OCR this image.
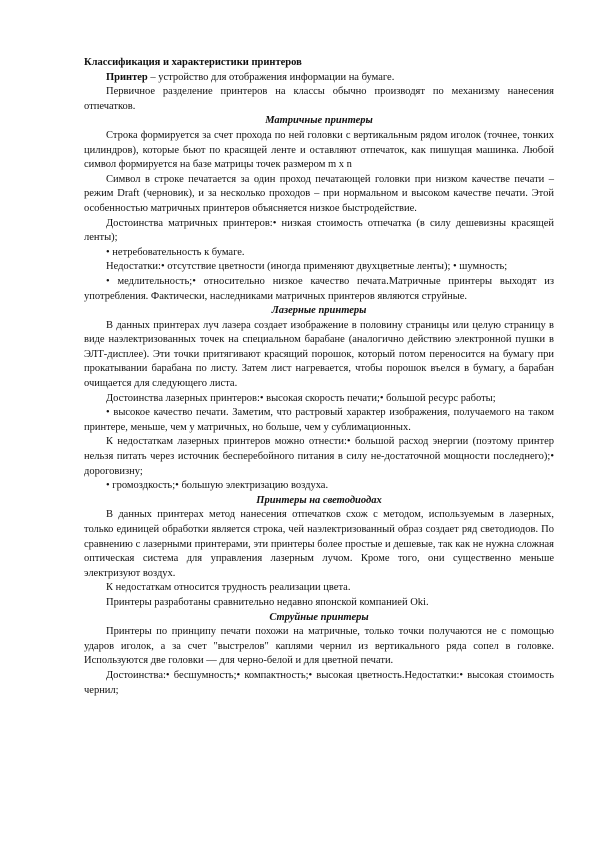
Классификация и характеристики принтеров

Принтер – устройство для отображения информации на бумаге.

Первичное разделение принтеров на классы обычно производят по механизму нанесения отпечатков.

Матричные принтеры

Строка формируется за счет прохода по ней головки с вертикальным рядом иголок (точнее, тонких цилиндров), которые бьют по красящей ленте и оставляют отпечаток, как пишущая машинка. Любой символ формируется на базе матрицы точек размером m x n

Символ в строке печатается за один проход печатающей головки при низком качестве печати – режим Draft (черновик), и за несколько проходов – при нормальном и высоком качестве печати. Этой особенностью матричных принтеров объясняется низкое быстродействие.

Достоинства матричных принтеров:• низкая стоимость отпечатка (в силу дешевизны красящей ленты);

• нетребовательность к бумаге.

Недостатки:• отсутствие цветности (иногда применяют двухцветные ленты); • шумность;

• медлительность;• относительно низкое качество печата.Матричные принтеры выходят из употребления. Фактически, наследниками матричных принтеров являются струйные.

Лазерные принтеры

В данных принтерах луч лазера создает изображение в половину страницы или целую страницу в виде наэлектризованных точек на специальном барабане (аналогично действию электронной пушки в ЭЛТ-дисплее). Эти точки притягивают красящий порошок, который потом переносится на бумагу при прокатывании барабана по листу. Затем лист нагревается, чтобы порошок въелся в бумагу, а барабан очищается для следующего листа.

Достоинства лазерных принтеров:• высокая скорость печати;• большой ресурс работы;

• высокое качество печати. Заметим, что растровый характер изображения, получаемого на таком принтере, меньше, чем у матричных, но больше, чем у сублимационных.

К недостаткам лазерных принтеров можно отнести:• большой расход энергии (поэтому принтер нельзя питать через источник бесперебойного питания в силу не-достаточной мощности последнего);• дороговизну;

• громоздкость;• большую электризацию воздуха.

Принтеры на светодиодах

В данных принтерах метод нанесения отпечатков схож с методом, используемым в лазерных, только единицей обработки является строка, чей наэлектризованный образ создает ряд светодиодов. По сравнению с лазерными принтерами, эти принтеры более простые и дешевые, так как не нужна сложная оптическая система для управления лазерным лучом. Кроме того, они существенно меньше электризуют воздух.

К недостаткам относится трудность реализации цвета.

Принтеры разработаны сравнительно недавно японской компанией Oki.

Струйные принтеры

Принтеры по принципу печати похожи на матричные, только точки получаются не с помощью ударов иголок, а за счет "выстрелов" каплями чернил из вертикального ряда сопел в головке. Используются две головки — для черно-белой и для цветной печати.

Достоинства:• бесшумность;• компактность;• высокая цветность.Недостатки:• высокая стоимость чернил;
